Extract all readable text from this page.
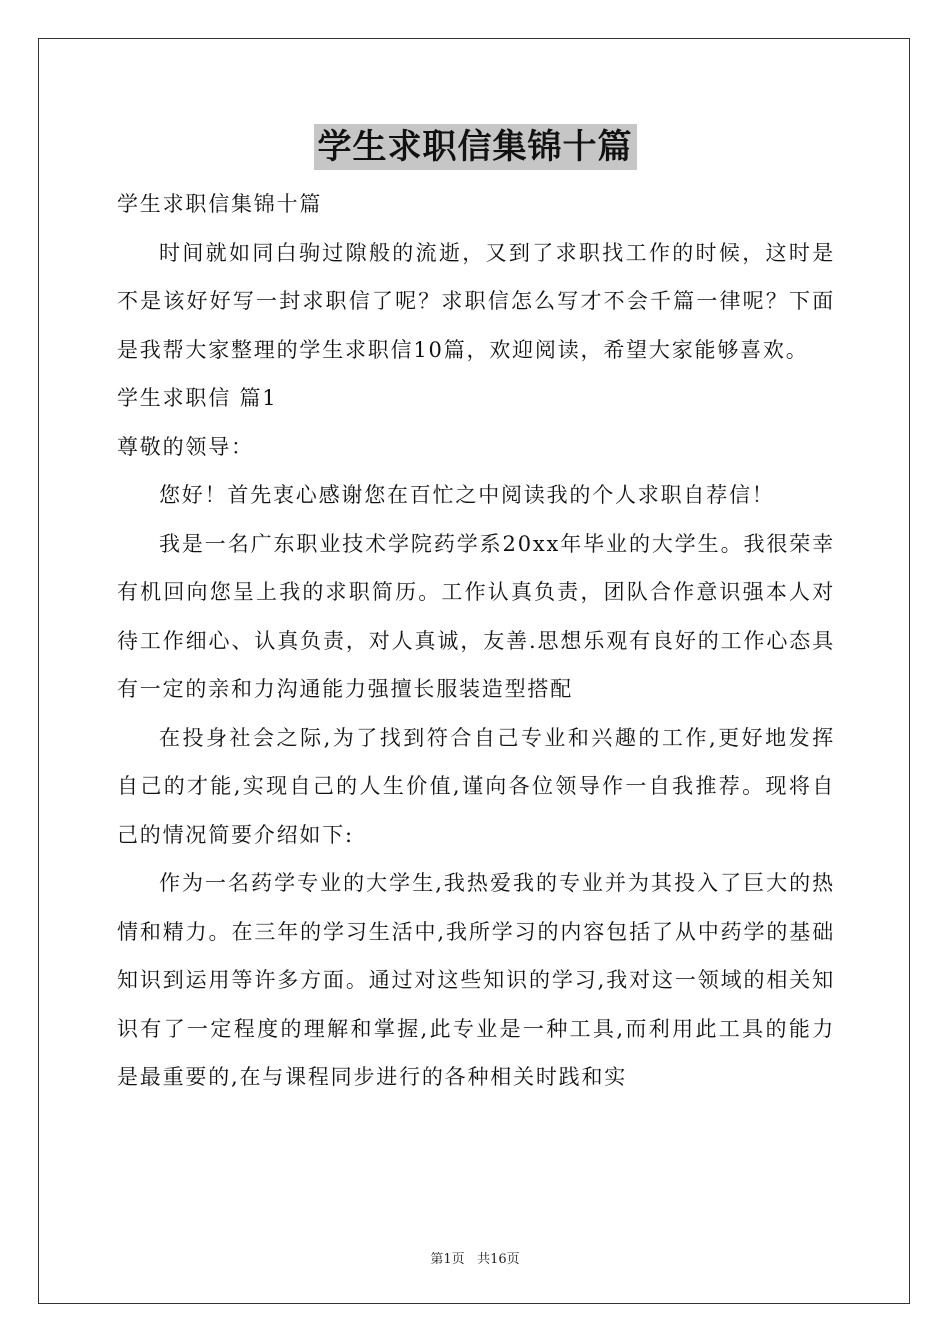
学生求职信集锦十篇

学生求职信集锦十篇

时间就如同白驹过隙般的流逝，又到了求职找工作的时候，这时是不是该好好写一封求职信了呢？求职信怎么写才不会千篇一律呢？下面是我帮大家整理的学生求职信10篇，欢迎阅读，希望大家能够喜欢。

学生求职信 篇1

尊敬的领导：

您好！首先衷心感谢您在百忙之中阅读我的个人求职自荐信！

我是一名广东职业技术学院药学系20xx年毕业的大学生。我很荣幸有机回向您呈上我的求职简历。工作认真负责，团队合作意识强本人对待工作细心、认真负责，对人真诚，友善.思想乐观有良好的工作心态具有一定的亲和力沟通能力强擅长服装造型搭配

在投身社会之际,为了找到符合自己专业和兴趣的工作,更好地发挥自己的才能,实现自己的人生价值,谨向各位领导作一自我推荐。现将自己的情况简要介绍如下:

作为一名药学专业的大学生,我热爱我的专业并为其投入了巨大的热情和精力。在三年的学习生活中,我所学习的内容包括了从中药学的基础知识到运用等许多方面。通过对这些知识的学习,我对这一领域的相关知识有了一定程度的理解和掌握,此专业是一种工具,而利用此工具的能力是最重要的,在与课程同步进行的各种相关时践和实

第1页 共16页
